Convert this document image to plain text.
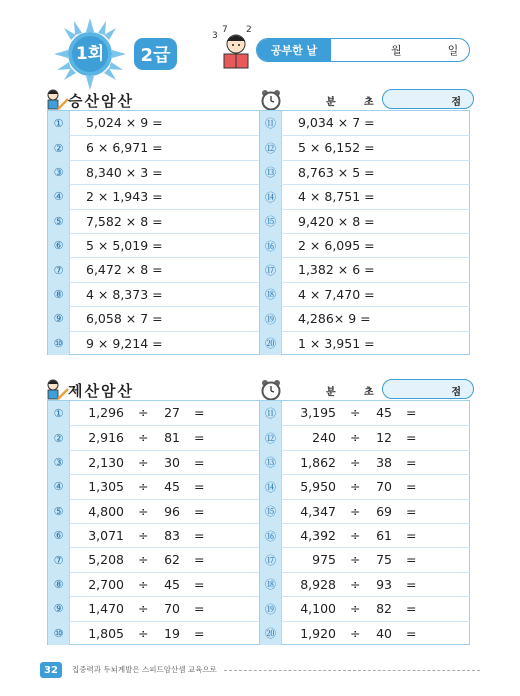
1회	2급
3
7 2
공부한 날	월	일
승산암산	분	초	점
①	5,024 × 9 =
②	6 × 6,971 =
③	8,340 × 3 =
④	2 × 1,943 =
⑤	7,582 × 8 =
⑥	5 × 5,019 =
⑦	6,472 × 8 =
⑧	4 × 8,373 =
⑨	6,058 × 7 =
⑩	9 × 9,214 =
⑪	9,034 × 7 =
⑫	5 × 6,152 =
⑬	8,763 × 5 =
⑭	4 × 8,751 =
⑮	9,420 × 8 =
⑯	2 × 6,095 =
⑰	1,382 × 6 =
⑱	4 × 7,470 =
⑲	4,286× 9 =
⑳	1 × 3,951 =
제산암산	분	초	점
①	1,296 ÷	27 =
②	2,916 ÷	81 =
③	2,130 ÷	30 =
④	1,305 ÷	45 =
⑤	4,800 ÷	96 =
⑥	3,071 ÷	83 =
⑦	5,208 ÷	62 =
⑧	2,700 ÷	45 =
⑨	1,470 ÷	70 =
⑩	1,805 ÷	19 =
⑪	3,195 ÷	45 =
⑫	240 ÷	12 =
⑬	1,862 ÷	38 =
⑭	5,950 ÷	70 =
⑮	4,347 ÷	69 =
⑯	4,392 ÷	61 =
⑰	975 ÷	75 =
⑱	8,928 ÷	93 =
⑲	4,100 ÷	82 =
⑳	1,920 ÷	40 =
32	집중력과 두뇌계발은 스피드암산셈 교육으로
